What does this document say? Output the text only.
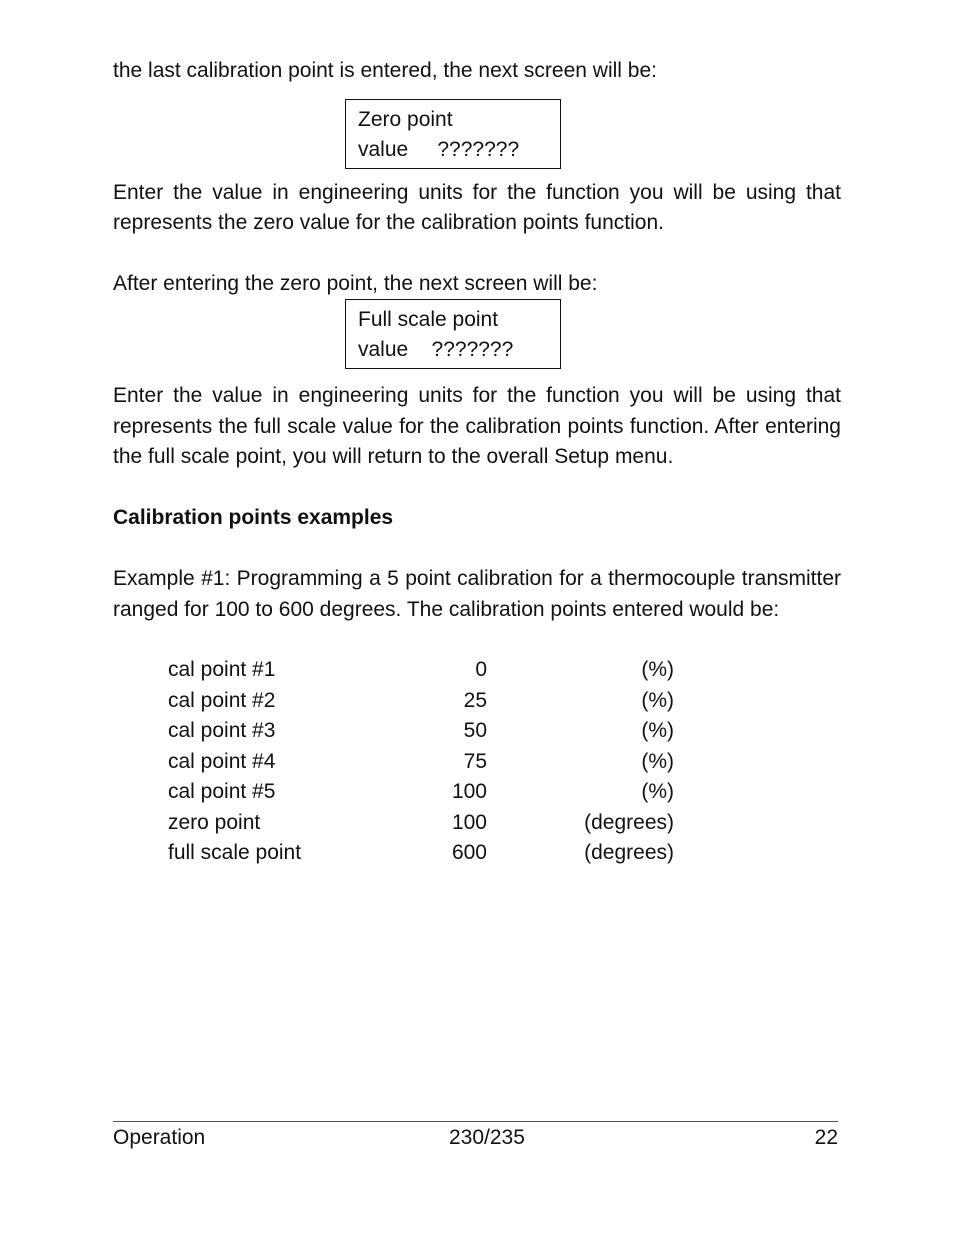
the last calibration point is entered, the next screen will be:

Zero point
value     ???????

Enter the value in engineering units for the function you will be using that represents the zero value for the calibration points function.

After entering the zero point, the next screen will be:

Full scale point
value    ???????

Enter the value in engineering units for the function you will be using that represents the full scale value for the calibration points function. After entering the full scale point, you will return to the overall Setup menu.

Calibration points examples

Example #1: Programming a 5 point calibration for a thermocouple transmitter ranged for 100 to 600 degrees. The calibration points entered would be:

cal point #1	0	(%)
cal point #2	25	(%)
cal point #3	50	(%)
cal point #4	75	(%)
cal point #5	100	(%)
zero point	100	(degrees)
full scale point	600	(degrees)
Operation	230/235	22
